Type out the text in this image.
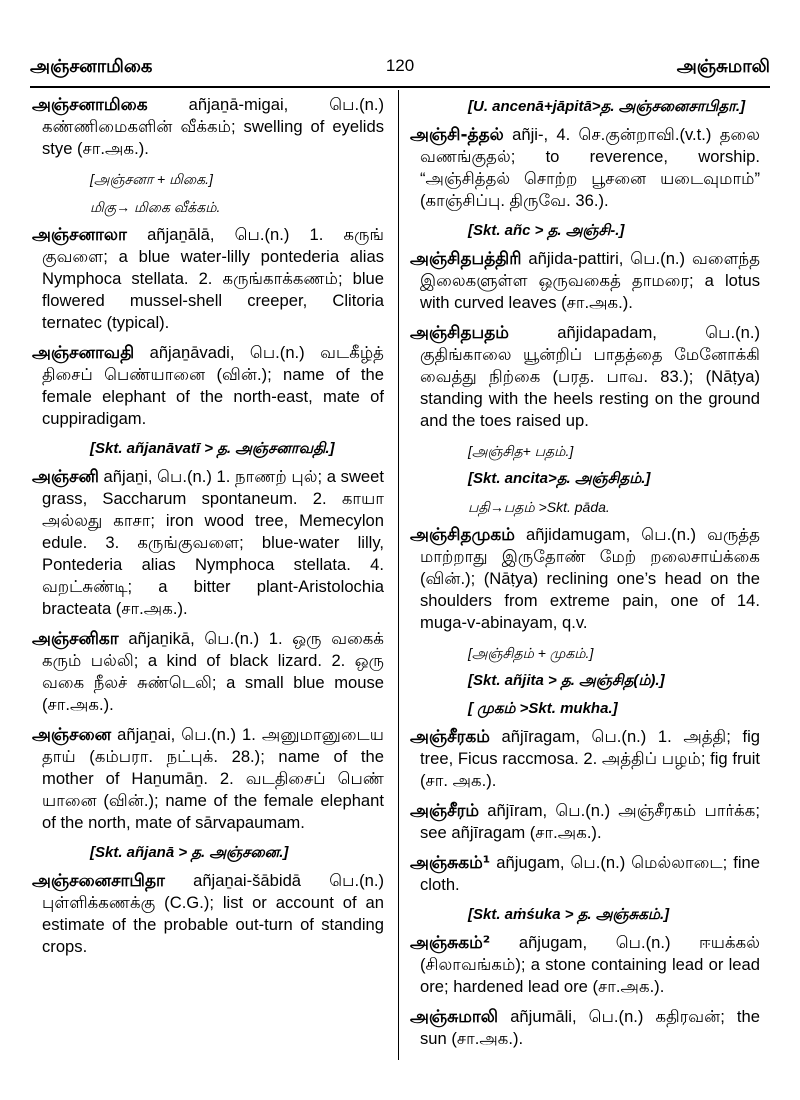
அஞ்சனாமிகை	120	அஞ்சுமாலி

அஞ்சனாமிகை añjaṉā-migai, பெ.(n.) கண்ணிமைகளின் வீக்கம்; swelling of eyelids stye (சா.அக.).

[அஞ்சனா + மிகை.]
மிகு→ மிகை வீக்கம்.

அஞ்சனாலா añjaṉālā, பெ.(n.) 1. கருங் குவளை; a blue water-lilly pontederia alias Nymphoca stellata. 2. கருங்காக்கணம்; blue flowered mussel-shell creeper, Clitoria ternatec (typical).

அஞ்சனாவதி añjaṉāvadi, பெ.(n.) வடகீழ்த் திசைப் பெண்யானை (வின்.); name of the female elephant of the north-east, mate of cuppiradigam.

[Skt. añjanāvatī > த. அஞ்சனாவதி.]

அஞ்சனி añjaṉi, பெ.(n.) 1. நாணற் புல்; a sweet grass, Saccharum spontaneum. 2. காயா அல்லது காசா; iron wood tree, Memecylon edule. 3. கருங்குவளை; blue-water lilly, Pontederia alias Nymphoca stellata. 4. வறட்சுண்டி; a bitter plant-Aristolochia bracteata (சா.அக.).

அஞ்சனிகா añjaṉikā, பெ.(n.) 1. ஒரு வகைக் கரும் பல்லி; a kind of black lizard. 2. ஒரு வகை நீலச் சுண்டெலி; a small blue mouse (சா.அக.).

அஞ்சனை añjaṉai, பெ.(n.) 1. அனுமானுடைய தாய் (கம்பரா. நட்புக். 28.); name of the mother of Haṉumāṉ. 2. வடதிசைப் பெண் யானை (வின்.); name of the female elephant of the north, mate of sārvapaumam.

[Skt. añjanā > த. அஞ்சனை.]

அஞ்சனைசாபிதா añjaṉai-šābidā பெ.(n.) புள்ளிக்கணக்கு (C.G.); list or account of an estimate of the probable out-turn of standing crops.

[U. ancenā+jāpitā>த. அஞ்சனைசாபிதா.]

அஞ்சி-த்தல் añji-, 4. செ.குன்றாவி.(v.t.) தலை வணங்குதல்; to reverence, worship. “அஞ்சித்தல் சொற்ற பூசனை யடைவுமாம்” (காஞ்சிப்பு. திருவே. 36.).

[Skt. añc > த. அஞ்சி-.]

அஞ்சிதபத்திரி añjida-pattiri, பெ.(n.) வளைந்த இலைகளுள்ள ஒருவகைத் தாமரை; a lotus with curved leaves (சா.அக.).

அஞ்சிதபதம் añjidapadam, பெ.(n.) குதிங்காலை யூன்றிப் பாதத்தை மேனோக்கி வைத்து நிற்கை (பரத. பாவ. 83.); (Nāṭya) standing with the heels resting on the ground and the toes raised up.

[அஞ்சித+ பதம்.]
[Skt. ancita>த. அஞ்சிதம்.]
பதி→பதம் >Skt. pāda.

அஞ்சிதமுகம் añjidamugam, பெ.(n.) வருத்த மாற்றாது இருதோண் மேற் றலைசாய்க்கை (வின்.); (Nāṭya) reclining one’s head on the shoulders from extreme pain, one of 14. muga-v-abinayam, q.v.

[அஞ்சிதம் + முகம்.]
[Skt. añjita > த. அஞ்சித(ம்).]
[ முகம் >Skt. mukha.]

அஞ்சீரகம் añjīragam, பெ.(n.) 1. அத்தி; fig tree, Ficus raccmosa. 2. அத்திப் பழம்; fig fruit (சா. அக.).

அஞ்சீரம் añjīram, பெ.(n.) அஞ்சீரகம் பார்க்க; see añjīragam (சா.அக.).

அஞ்சுகம்¹ añjugam, பெ.(n.) மெல்லாடை; fine cloth.

[Skt. aṁśuka > த. அஞ்சுகம்.]

அஞ்சுகம்² añjugam, பெ.(n.) ஈயக்கல் (சிலாவங்கம்); a stone containing lead or lead ore; hardened lead ore (சா.அக.).

அஞ்சுமாலி añjumāli, பெ.(n.) கதிரவன்; the sun (சா.அக.).
